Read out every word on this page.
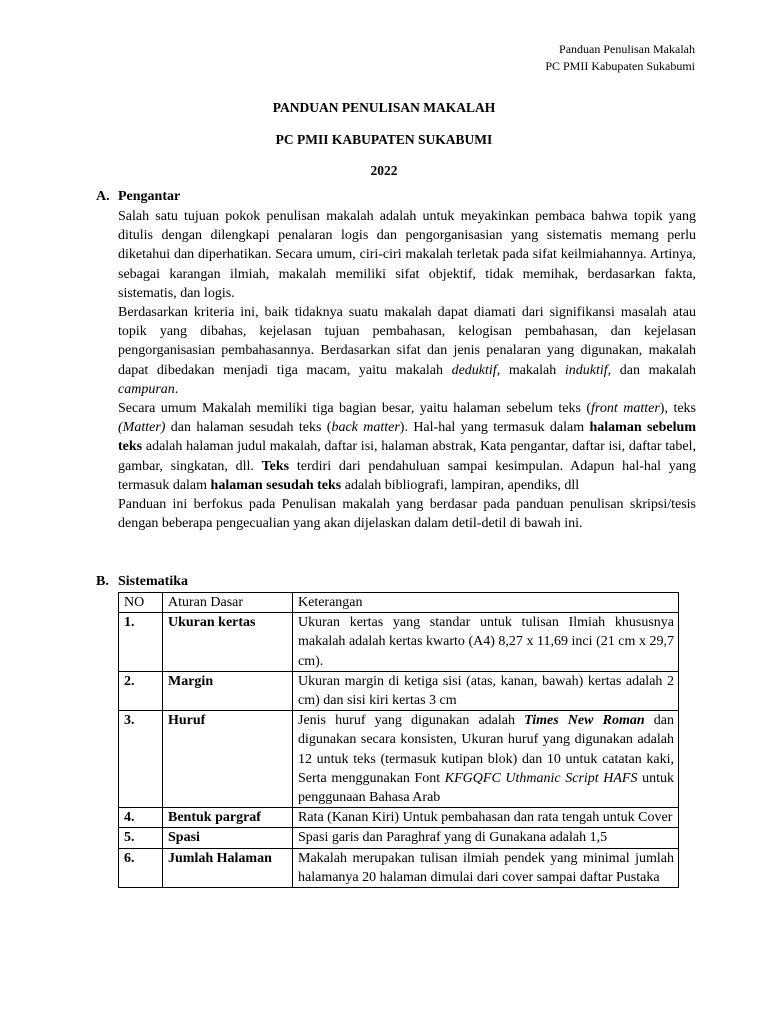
Panduan Penulisan Makalah
PC PMII Kabupaten Sukabumi
PANDUAN PENULISAN MAKALAH
PC PMII KABUPATEN SUKABUMI
2022
A. Pengantar

Salah satu tujuan pokok penulisan makalah adalah untuk meyakinkan pembaca bahwa topik yang ditulis dengan dilengkapi penalaran logis dan pengorganisasian yang sistematis memang perlu diketahui dan diperhatikan. Secara umum, ciri-ciri makalah terletak pada sifat keilmiahannya. Artinya, sebagai karangan ilmiah, makalah memiliki sifat objektif, tidak memihak, berdasarkan fakta, sistematis, dan logis.

Berdasarkan kriteria ini, baik tidaknya suatu makalah dapat diamati dari signifikansi masalah atau topik yang dibahas, kejelasan tujuan pembahasan, kelogisan pembahasan, dan kejelasan pengorganisasian pembahasannya. Berdasarkan sifat dan jenis penalaran yang digunakan, makalah dapat dibedakan menjadi tiga macam, yaitu makalah deduktif, makalah induktif, dan makalah campuran.

Secara umum Makalah memiliki tiga bagian besar, yaitu halaman sebelum teks (front matter), teks (Matter) dan halaman sesudah teks (back matter). Hal-hal yang termasuk dalam halaman sebelum teks adalah halaman judul makalah, daftar isi, halaman abstrak, Kata pengantar, daftar isi, daftar tabel, gambar, singkatan, dll. Teks terdiri dari pendahuluan sampai kesimpulan. Adapun hal-hal yang termasuk dalam halaman sesudah teks adalah bibliografi, lampiran, apendiks, dll

Panduan ini berfokus pada Penulisan makalah yang berdasar pada panduan penulisan skripsi/tesis dengan beberapa pengecualian yang akan dijelaskan dalam detil-detil di bawah ini.

B. Sistematika
NO	Aturan Dasar	Keterangan
1.	Ukuran kertas	Ukuran kertas yang standar untuk tulisan Ilmiah khususnya makalah adalah kertas kwarto (A4) 8,27 x 11,69 inci (21 cm x 29,7 cm).
2.	Margin	Ukuran margin di ketiga sisi (atas, kanan, bawah) kertas adalah 2 cm) dan sisi kiri kertas 3 cm
3.	Huruf	Jenis huruf yang digunakan adalah Times New Roman dan digunakan secara konsisten, Ukuran huruf yang digunakan adalah 12 untuk teks (termasuk kutipan blok) dan 10 untuk catatan kaki, Serta menggunakan Font KFGQFC Uthmanic Script HAFS untuk penggunaan Bahasa Arab
4.	Bentuk pargraf	Rata (Kanan Kiri) Untuk pembahasan dan rata tengah untuk Cover
5.	Spasi	Spasi garis dan Paraghraf yang di Gunakana adalah 1,5
6.	Jumlah Halaman	Makalah merupakan tulisan ilmiah pendek yang minimal jumlah halamanya 20 halaman dimulai dari cover sampai daftar Pustaka
